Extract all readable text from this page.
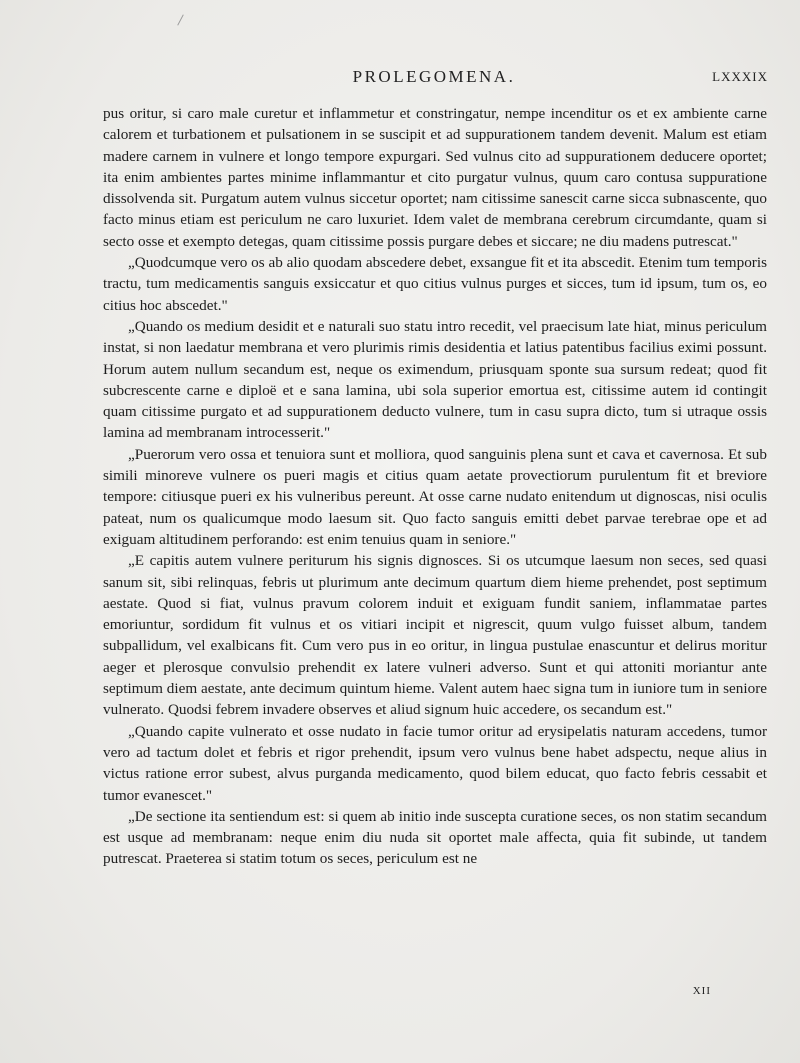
PROLEGOMENA.	LXXXIX

pus oritur, si caro male curetur et inflammetur et constringatur, nempe incenditur os et ex ambiente carne calorem et turbationem et pulsationem in se suscipit et ad suppurationem tandem devenit. Malum est etiam madere carnem in vulnere et longo tempore expurgari. Sed vulnus cito ad suppurationem deducere oportet; ita enim ambientes partes minime inflammantur et cito purgatur vulnus, quum caro contusa suppuratione dissolvenda sit. Purgatum autem vulnus siccetur oportet; nam citissime sanescit carne sicca subnascente, quo facto minus etiam est periculum ne caro luxuriet. Idem valet de membrana cerebrum circumdante, quam si secto osse et exempto detegas, quam citissime possis purgare debes et siccare; ne diu madens putrescat."

„Quodcumque vero os ab alio quodam abscedere debet, exsangue fit et ita abscedit. Etenim tum temporis tractu, tum medicamentis sanguis exsiccatur et quo citius vulnus purges et sicces, tum id ipsum, tum os, eo citius hoc abscedet."

„Quando os medium desidit et e naturali suo statu intro recedit, vel praecisum late hiat, minus periculum instat, si non laedatur membrana et vero plurimis rimis desidentia et latius patentibus facilius eximi possunt. Horum autem nullum secandum est, neque os eximendum, priusquam sponte sua sursum redeat; quod fit subcrescente carne e diploë et e sana lamina, ubi sola superior emortua est, citissime autem id contingit quam citissime purgato et ad suppurationem deducto vulnere, tum in casu supra dicto, tum si utraque ossis lamina ad membranam introcesserit."

„Puerorum vero ossa et tenuiora sunt et molliora, quod sanguinis plena sunt et cava et cavernosa. Et sub simili minoreve vulnere os pueri magis et citius quam aetate provectiorum purulentum fit et breviore tempore: citiusque pueri ex his vulneribus pereunt. At osse carne nudato enitendum ut dignoscas, nisi oculis pateat, num os qualicumque modo laesum sit. Quo facto sanguis emitti debet parvae terebrae ope et ad exiguam altitudinem perforando: est enim tenuius quam in seniore."

„E capitis autem vulnere periturum his signis dignosces. Si os utcumque laesum non seces, sed quasi sanum sit, sibi relinquas, febris ut plurimum ante decimum quartum diem hieme prehendet, post septimum aestate. Quod si fiat, vulnus pravum colorem induit et exiguam fundit saniem, inflammatae partes emoriuntur, sordidum fit vulnus et os vitiari incipit et nigrescit, quum vulgo fuisset album, tandem subpallidum, vel exalbicans fit. Cum vero pus in eo oritur, in lingua pustulae enascuntur et delirus moritur aeger et plerosque convulsio prehendit ex latere vulneri adverso. Sunt et qui attoniti moriantur ante septimum diem aestate, ante decimum quintum hieme. Valent autem haec signa tum in iuniore tum in seniore vulnerato. Quodsi febrem invadere observes et aliud signum huic accedere, os secandum est."

„Quando capite vulnerato et osse nudato in facie tumor oritur ad erysipelatis naturam accedens, tumor vero ad tactum dolet et febris et rigor prehendit, ipsum vero vulnus bene habet adspectu, neque alius in victus ratione error subest, alvus purganda medicamento, quod bilem educat, quo facto febris cessabit et tumor evanescet."

„De sectione ita sentiendum est: si quem ab initio inde suscepta curatione seces, os non statim secandum est usque ad membranam: neque enim diu nuda sit oportet male affecta, quia fit subinde, ut tandem putrescat. Praeterea si statim totum os seces, periculum est ne

XII
